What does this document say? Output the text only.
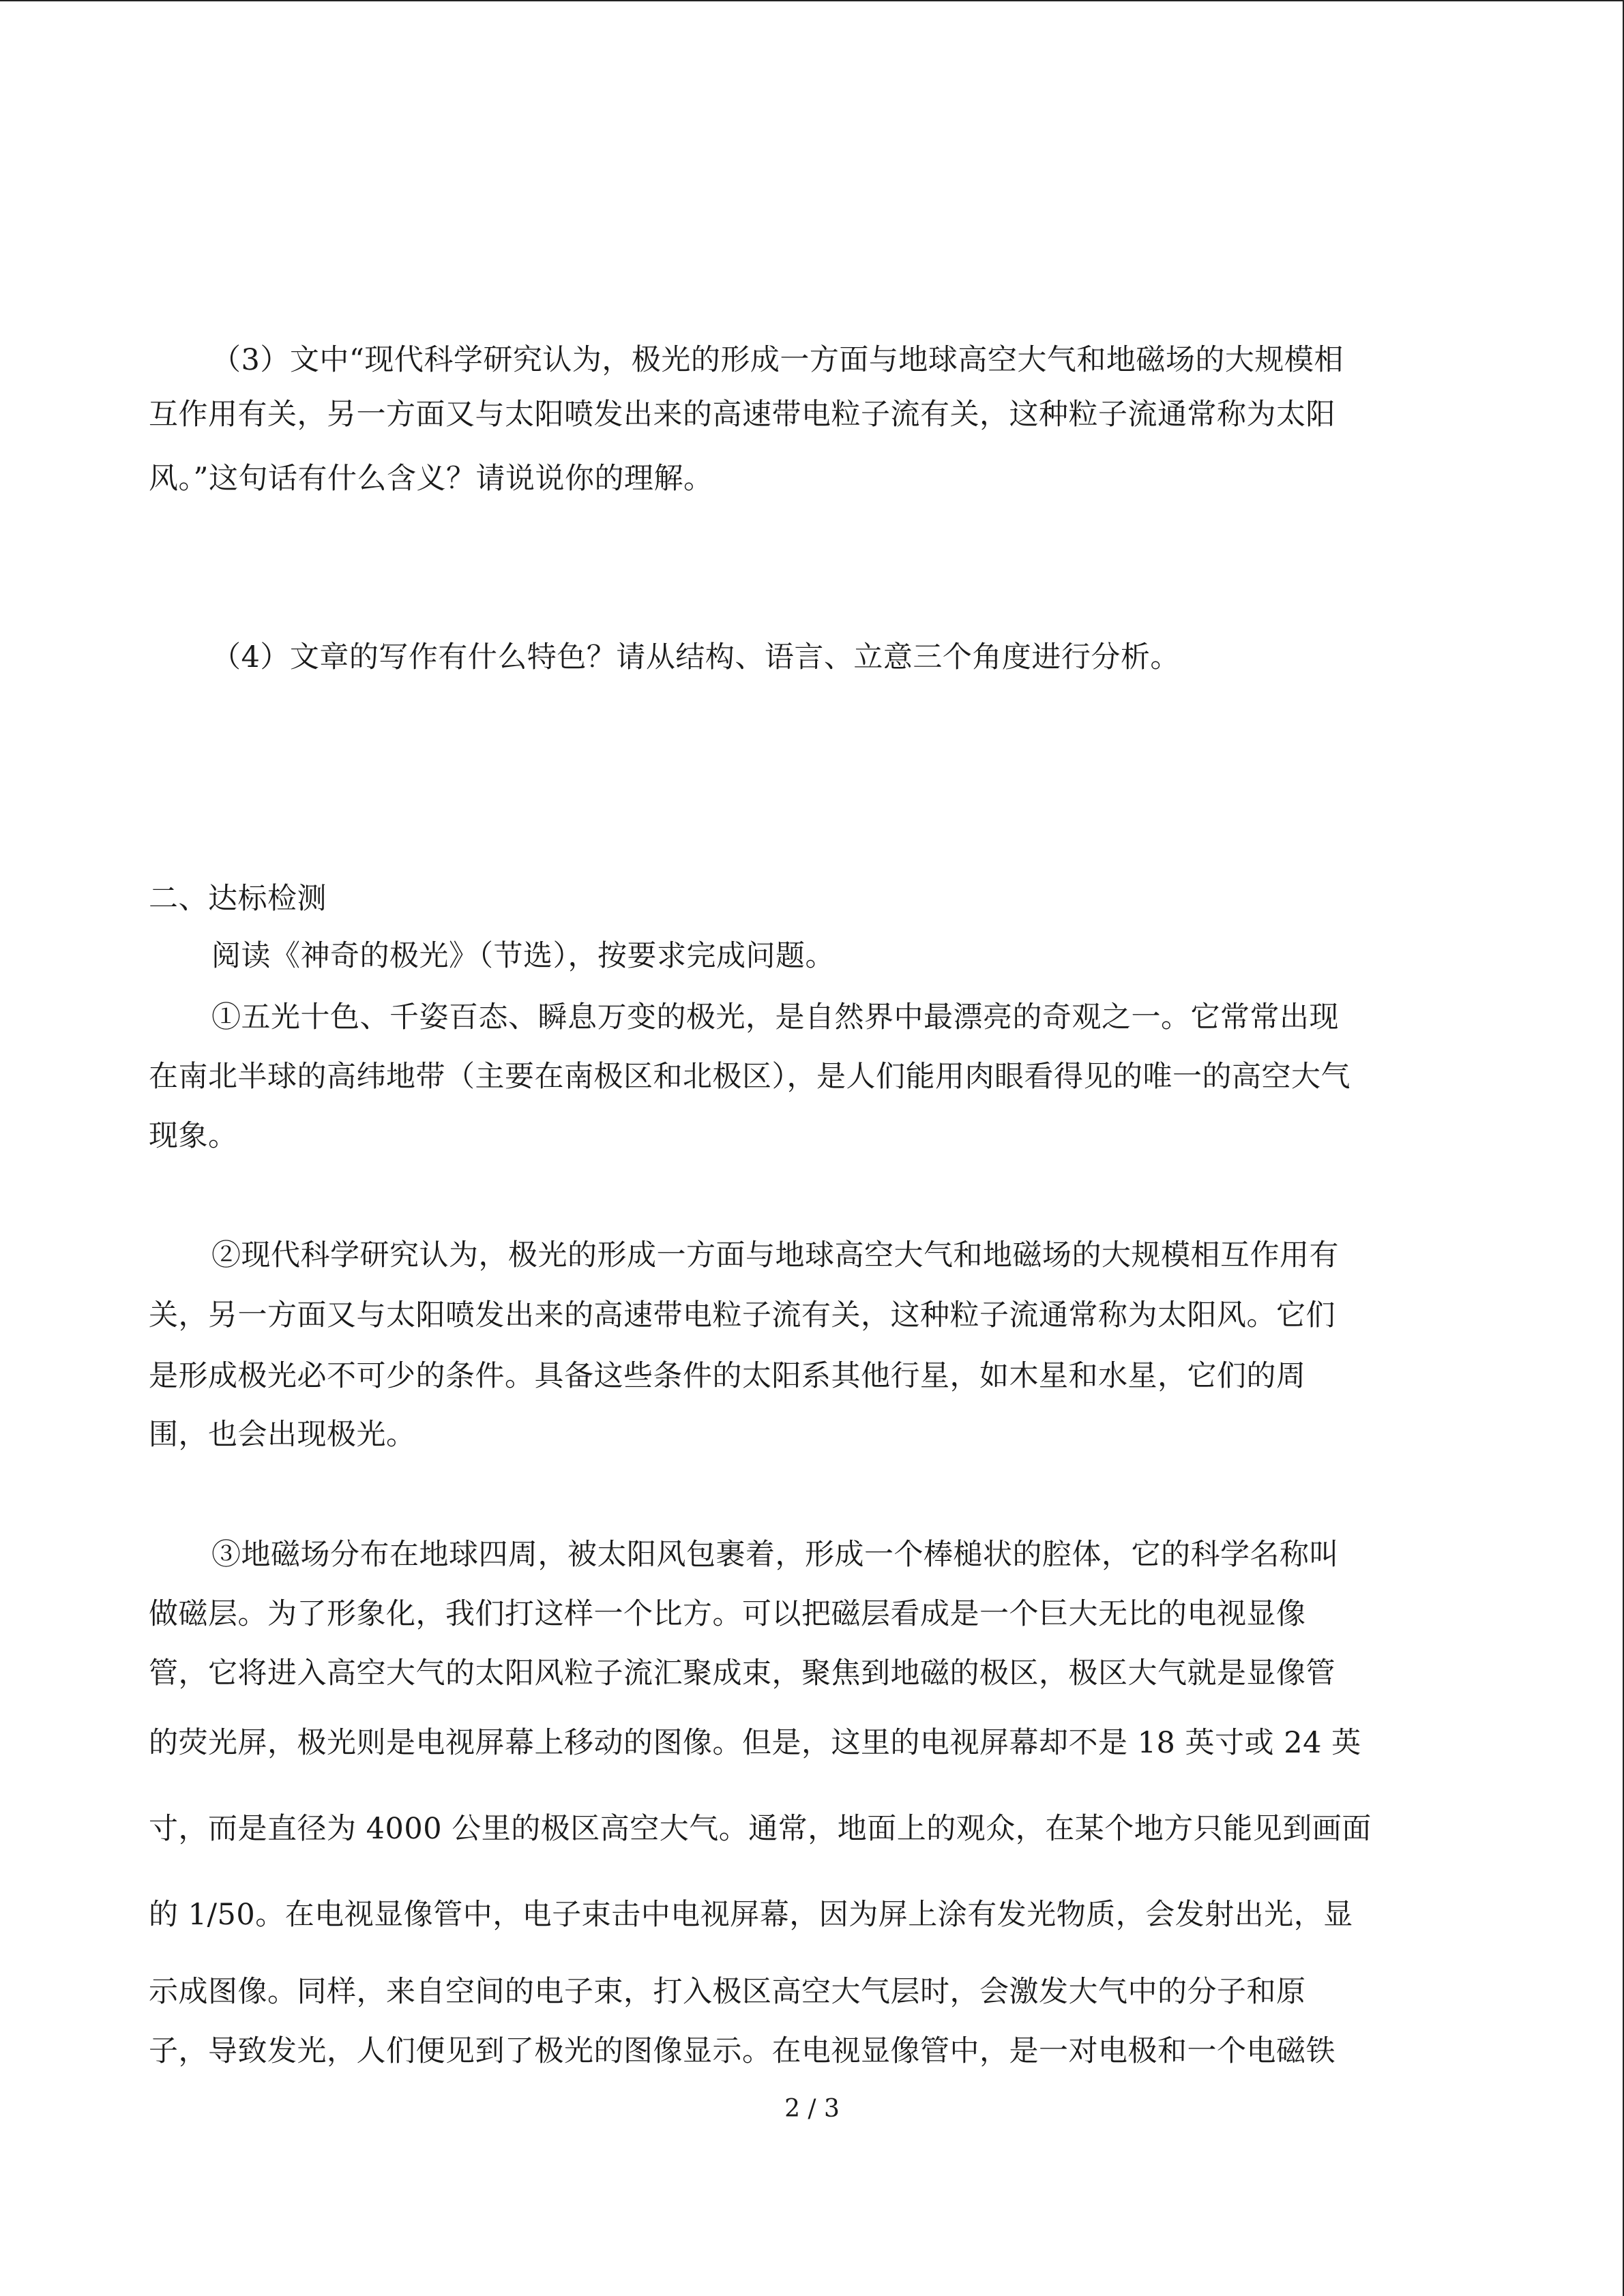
（3）文中“现代科学研究认为，极光的形成一方面与地球高空大气和地磁场的大规模相
互作用有关，另一方面又与太阳喷发出来的高速带电粒子流有关，这种粒子流通常称为太阳
风。”这句话有什么含义？请说说你的理解。
（4）文章的写作有什么特色？请从结构、语言、立意三个角度进行分析。
二、达标检测
阅读《神奇的极光》（节选），按要求完成问题。
①五光十色、千姿百态、瞬息万变的极光，是自然界中最漂亮的奇观之一。它常常出现
在南北半球的高纬地带（主要在南极区和北极区），是人们能用肉眼看得见的唯一的高空大气
现象。
②现代科学研究认为，极光的形成一方面与地球高空大气和地磁场的大规模相互作用有
关，另一方面又与太阳喷发出来的高速带电粒子流有关，这种粒子流通常称为太阳风。它们
是形成极光必不可少的条件。具备这些条件的太阳系其他行星，如木星和水星，它们的周
围，也会出现极光。
③地磁场分布在地球四周，被太阳风包裹着，形成一个棒槌状的腔体，它的科学名称叫
做磁层。为了形象化，我们打这样一个比方。可以把磁层看成是一个巨大无比的电视显像
管，它将进入高空大气的太阳风粒子流汇聚成束，聚焦到地磁的极区，极区大气就是显像管
的荧光屏，极光则是电视屏幕上移动的图像。但是，这里的电视屏幕却不是 18 英寸或 24 英
寸，而是直径为 4000 公里的极区高空大气。通常，地面上的观众，在某个地方只能见到画面
的 1/50。在电视显像管中，电子束击中电视屏幕，因为屏上涂有发光物质，会发射出光，显
示成图像。同样，来自空间的电子束，打入极区高空大气层时，会激发大气中的分子和原
子，导致发光，人们便见到了极光的图像显示。在电视显像管中，是一对电极和一个电磁铁
2 / 3
